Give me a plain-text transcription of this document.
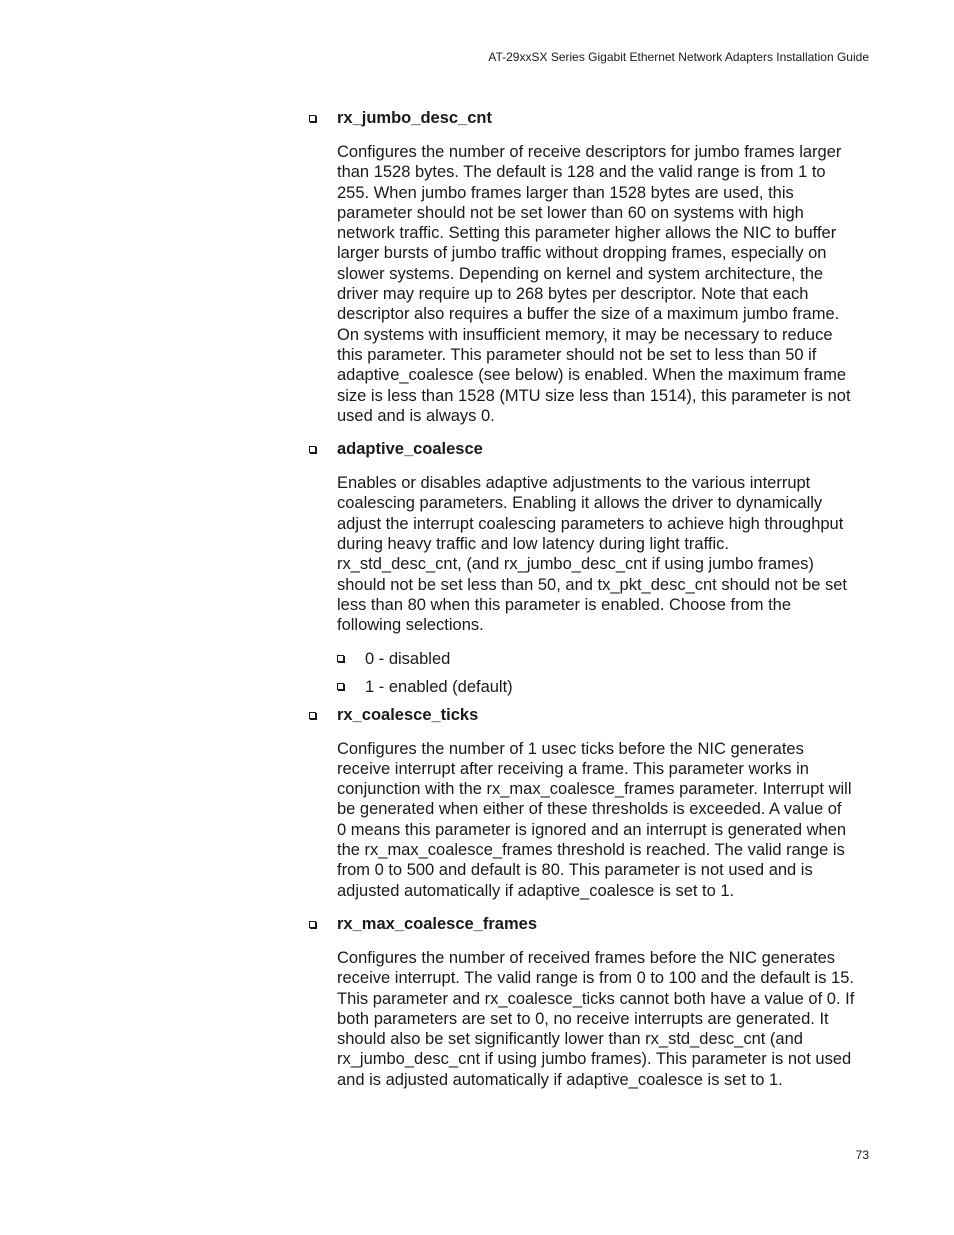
AT-29xxSX Series Gigabit Ethernet Network Adapters Installation Guide
rx_jumbo_desc_cnt
Configures the number of receive descriptors for jumbo frames larger
than 1528 bytes. The default is 128 and the valid range is from 1 to
255. When jumbo frames larger than 1528 bytes are used, this
parameter should not be set lower than 60 on systems with high
network traffic. Setting this parameter higher allows the NIC to buffer
larger bursts of jumbo traffic without dropping frames, especially on
slower systems. Depending on kernel and system architecture, the
driver may require up to 268 bytes per descriptor. Note that each
descriptor also requires a buffer the size of a maximum jumbo frame.
On systems with insufficient memory, it may be necessary to reduce
this parameter. This parameter should not be set to less than 50 if
adaptive_coalesce (see below) is enabled. When the maximum frame
size is less than 1528 (MTU size less than 1514), this parameter is not
used and is always 0.
adaptive_coalesce
Enables or disables adaptive adjustments to the various interrupt
coalescing parameters. Enabling it allows the driver to dynamically
adjust the interrupt coalescing parameters to achieve high throughput
during heavy traffic and low latency during light traffic.
rx_std_desc_cnt, (and rx_jumbo_desc_cnt if using jumbo frames)
should not be set less than 50, and tx_pkt_desc_cnt should not be set
less than 80 when this parameter is enabled. Choose from the
following selections.
0 - disabled
1 - enabled (default)
rx_coalesce_ticks
Configures the number of 1 usec ticks before the NIC generates
receive interrupt after receiving a frame. This parameter works in
conjunction with the rx_max_coalesce_frames parameter. Interrupt will
be generated when either of these thresholds is exceeded. A value of
0 means this parameter is ignored and an interrupt is generated when
the rx_max_coalesce_frames threshold is reached. The valid range is
from 0 to 500 and default is 80. This parameter is not used and is
adjusted automatically if adaptive_coalesce is set to 1.
rx_max_coalesce_frames
Configures the number of received frames before the NIC generates
receive interrupt. The valid range is from 0 to 100 and the default is 15.
This parameter and rx_coalesce_ticks cannot both have a value of 0. If
both parameters are set to 0, no receive interrupts are generated. It
should also be set significantly lower than rx_std_desc_cnt (and
rx_jumbo_desc_cnt if using jumbo frames). This parameter is not used
and is adjusted automatically if adaptive_coalesce is set to 1.
73
